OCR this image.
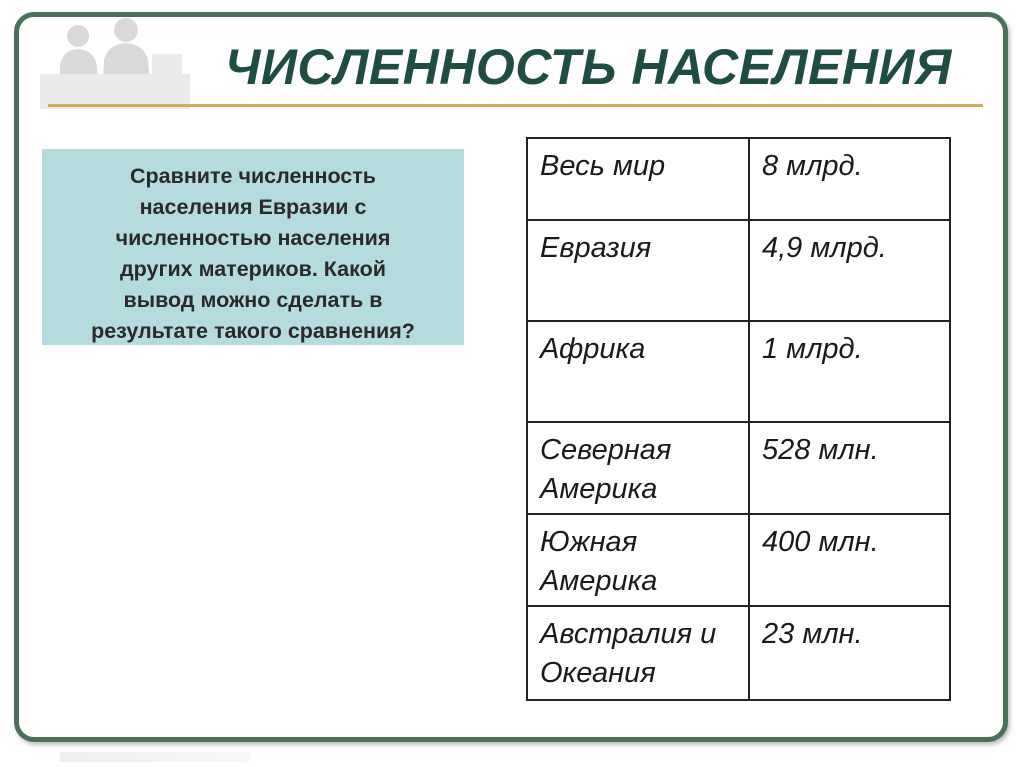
ЧИСЛЕННОСТЬ НАСЕЛЕНИЯ

Сравните численность
населения Евразии с
численностью населения
других материков. Какой
вывод можно сделать в
результате такого сравнения?

Весь мир	8 млрд.
Евразия	4,9 млрд.
Африка	1 млрд.
Северная Америка	528 млн.
Южная Америка	400 млн.
Австралия и Океания	23 млн.
